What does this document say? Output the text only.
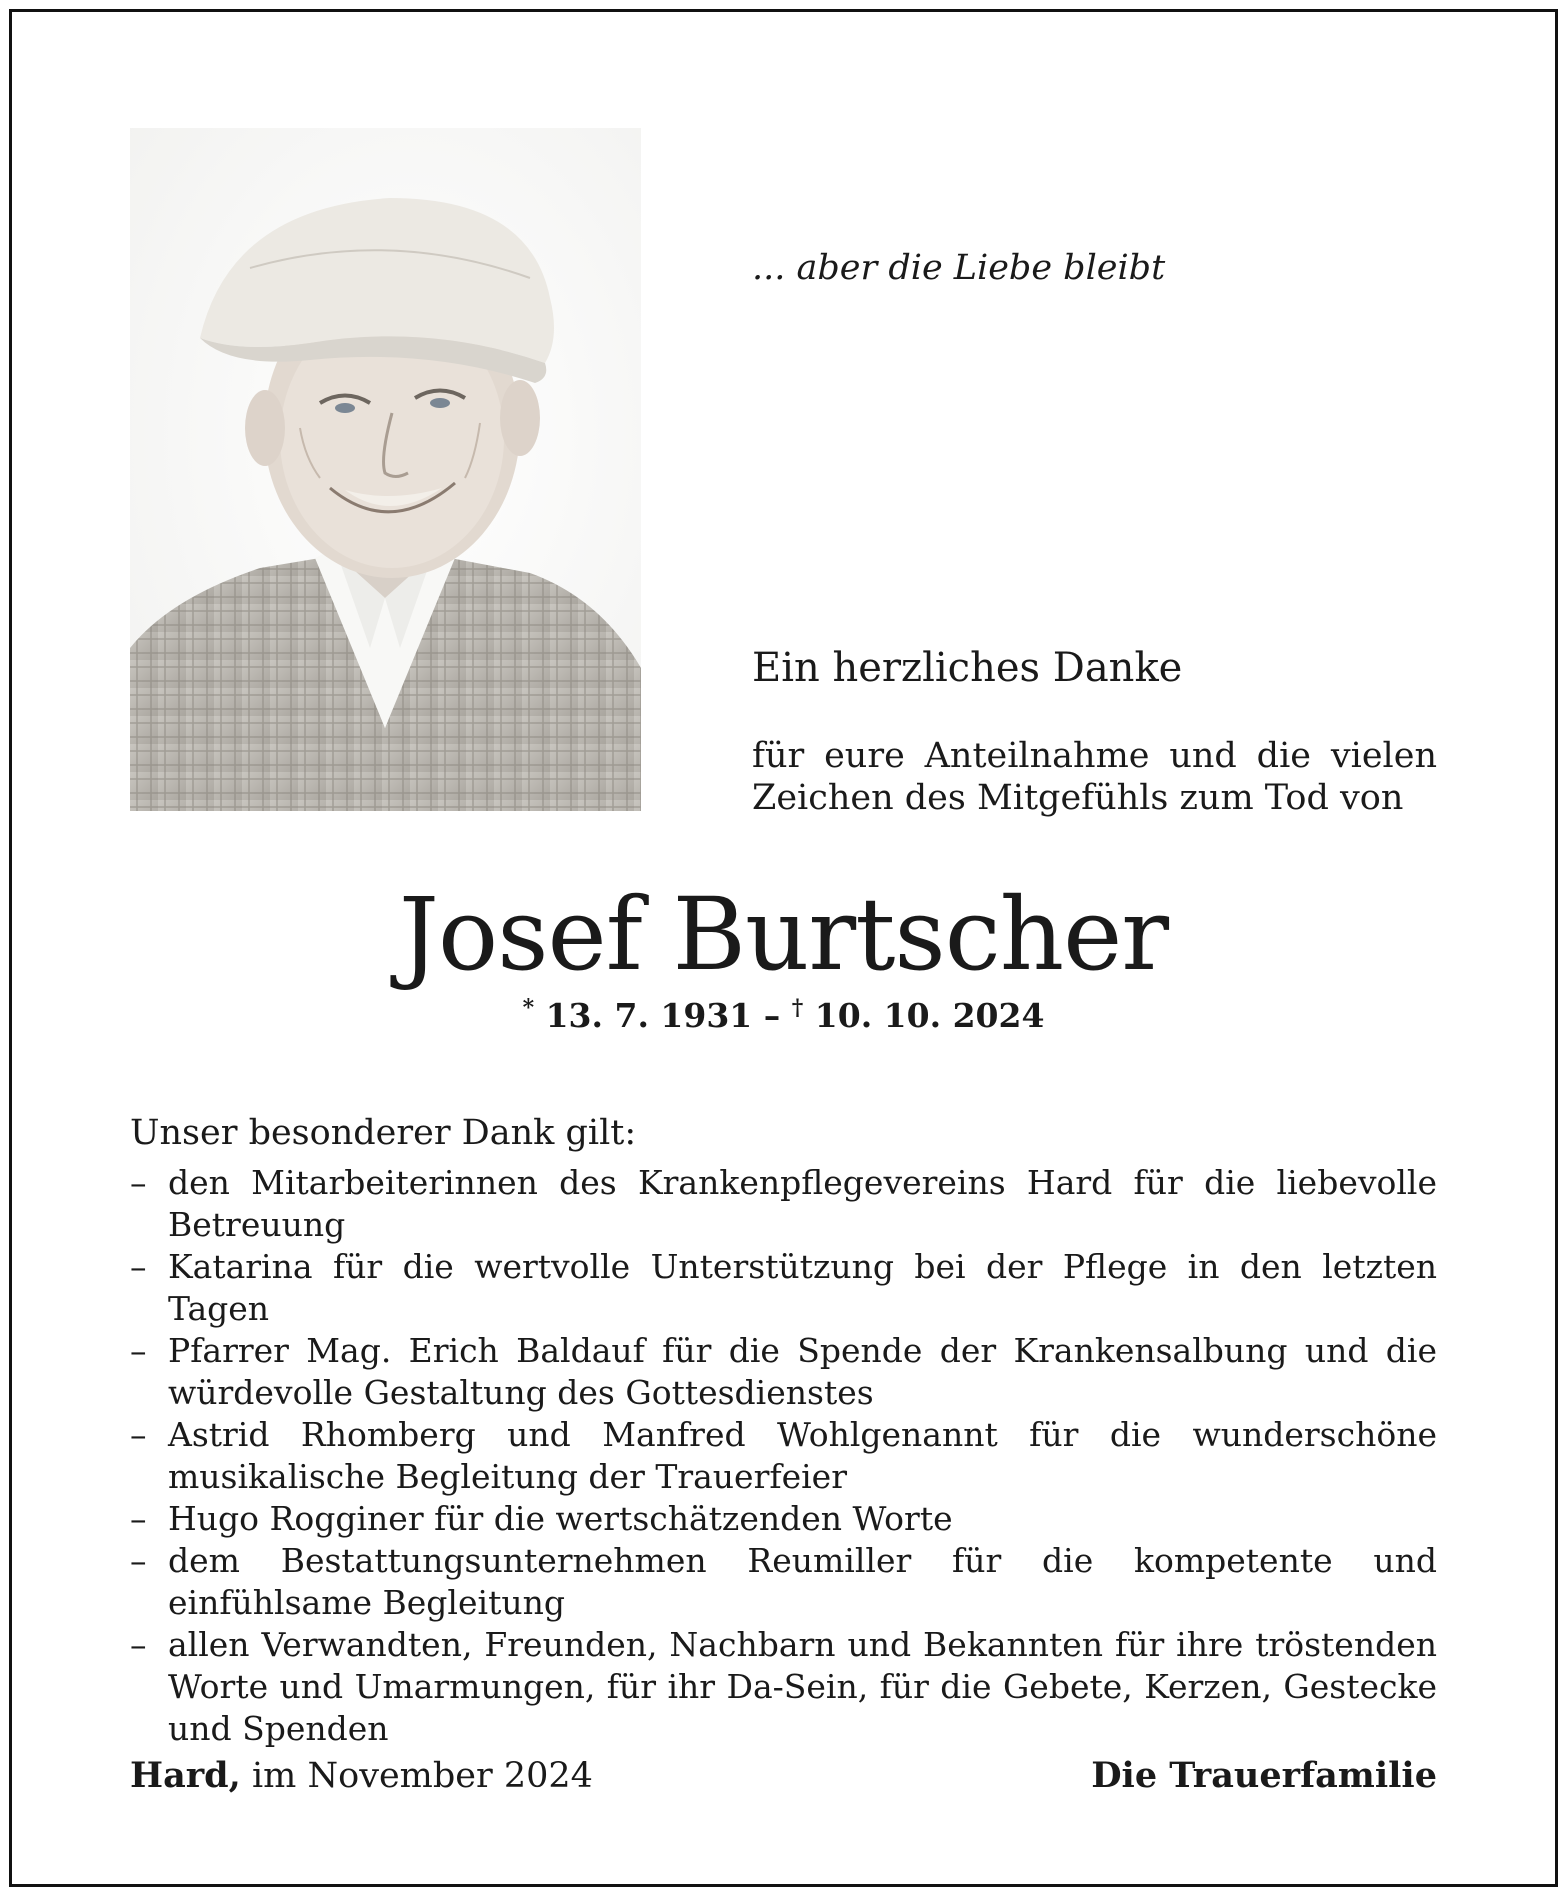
... aber die Liebe bleibt
Ein herzliches Danke
für eure Anteilnahme und die vielen Zeichen des Mitgefühls zum Tod von
Josef Burtscher
* 13. 7. 1931 – † 10. 10. 2024
Unser besonderer Dank gilt:
– den Mitarbeiterinnen des Krankenpflegevereins Hard für die liebevolle Betreuung
– Katarina für die wertvolle Unterstützung bei der Pflege in den letzten Tagen
– Pfarrer Mag. Erich Baldauf für die Spende der Krankensalbung und die würdevolle Gestaltung des Gottesdienstes
– Astrid Rhomberg und Manfred Wohlgenannt für die wunderschöne musikalische Begleitung der Trauerfeier
– Hugo Rogginer für die wertschätzenden Worte
– dem Bestattungsunternehmen Reumiller für die kompetente und einfühlsame Begleitung
– allen Verwandten, Freunden, Nachbarn und Bekannten für ihre tröstenden Worte und Umarmungen, für ihr Da-Sein, für die Gebete, Kerzen, Gestecke und Spenden
Hard, im November 2024	Die Trauerfamilie
